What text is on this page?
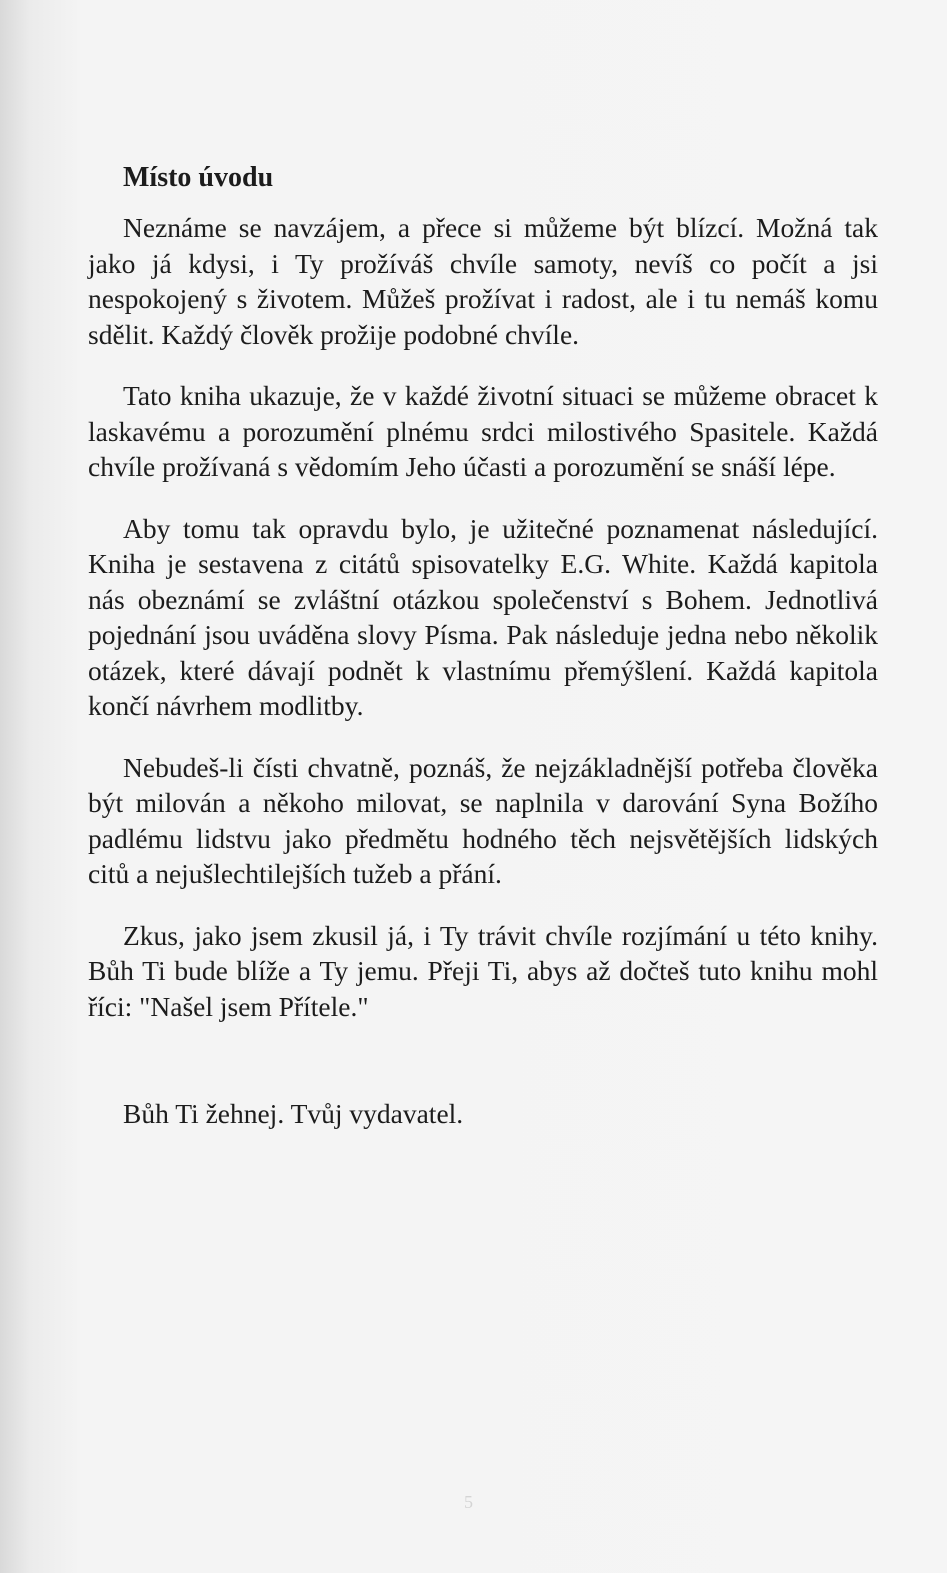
Místo úvodu

Neznáme se navzájem, a přece si můžeme být blízcí. Možná tak jako já kdysi, i Ty prožíváš chvíle samoty, nevíš co počít a jsi nespokojený s životem. Můžeš prožívat i radost, ale i tu nemáš komu sdělit. Každý člověk prožije podobné chvíle.

Tato kniha ukazuje, že v každé životní situaci se můžeme obracet k laskavému a porozumění plnému srdci milostivého Spasitele. Každá chvíle prožívaná s vědomím Jeho účasti a porozumění se snáší lépe.

Aby tomu tak opravdu bylo, je užitečné poznamenat následující. Kniha je sestavena z citátů spisovatelky E.G. White. Každá kapitola nás obeznámí se zvláštní otázkou společenství s Bohem. Jednotlivá pojednání jsou uváděna slovy Písma. Pak následuje jedna nebo několik otázek, které dávají podnět k vlastnímu přemýšlení. Každá kapitola končí návrhem modlitby.

Nebudeš-li čísti chvatně, poznáš, že nejzákladnější potřeba člověka být milován a někoho milovat, se naplnila v darování Syna Božího padlému lidstvu jako předmětu hodného těch nejsvětějších lidských citů a nejušlechtilejších tužeb a přání.

Zkus, jako jsem zkusil já, i Ty trávit chvíle rozjímání u této knihy. Bůh Ti bude blíže a Ty jemu. Přeji Ti, abys až dočteš tuto knihu mohl říci: "Našel jsem Přítele."

Bůh Ti žehnej. Tvůj vydavatel.

5
